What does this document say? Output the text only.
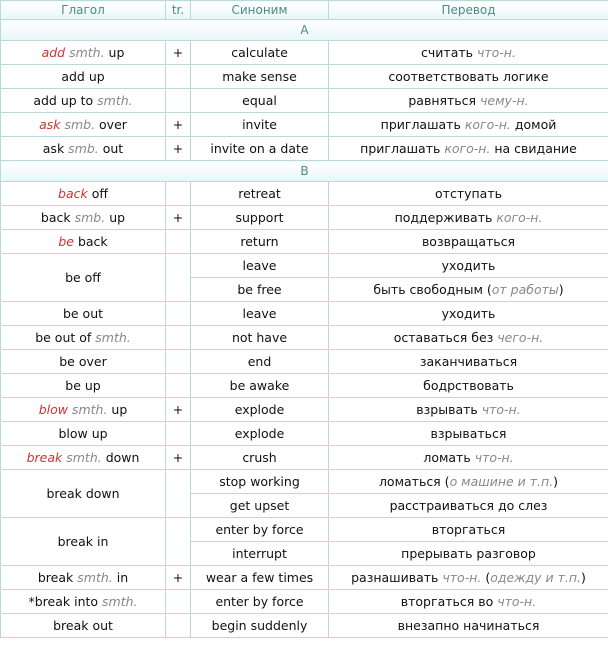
Глагол	tr.	Синоним	Перевод
A			
add smth. up	+	calculate	считать что-н.
add up		make sense	соответствовать логике
add up to smth.		equal	равняться чему-н.
ask smb. over	+	invite	приглашать кого-н. домой
ask smb. out	+	invite on a date	приглашать кого-н. на свидание
B			
back off		retreat	отступать
back smb. up	+	support	поддерживать кого-н.
be back		return	возвращаться
be off		leave	уходить
		be free	быть свободным (от работы)
be out		leave	уходить
be out of smth.		not have	оставаться без чего-н.
be over		end	заканчиваться
be up		be awake	бодрствовать
blow smth. up	+	explode	взрывать что-н.
blow up		explode	взрываться
break smth. down	+	crush	ломать что-н.
break down		stop working	ломаться (о машине и т.п.)
		get upset	расстраиваться до слез
break in		enter by force	вторгаться
		interrupt	прерывать разговор
break smth. in	+	wear a few times	разнашивать что-н. (одежду и т.п.)
*break into smth.		enter by force	вторгаться во что-н.
break out		begin suddenly	внезапно начинаться
